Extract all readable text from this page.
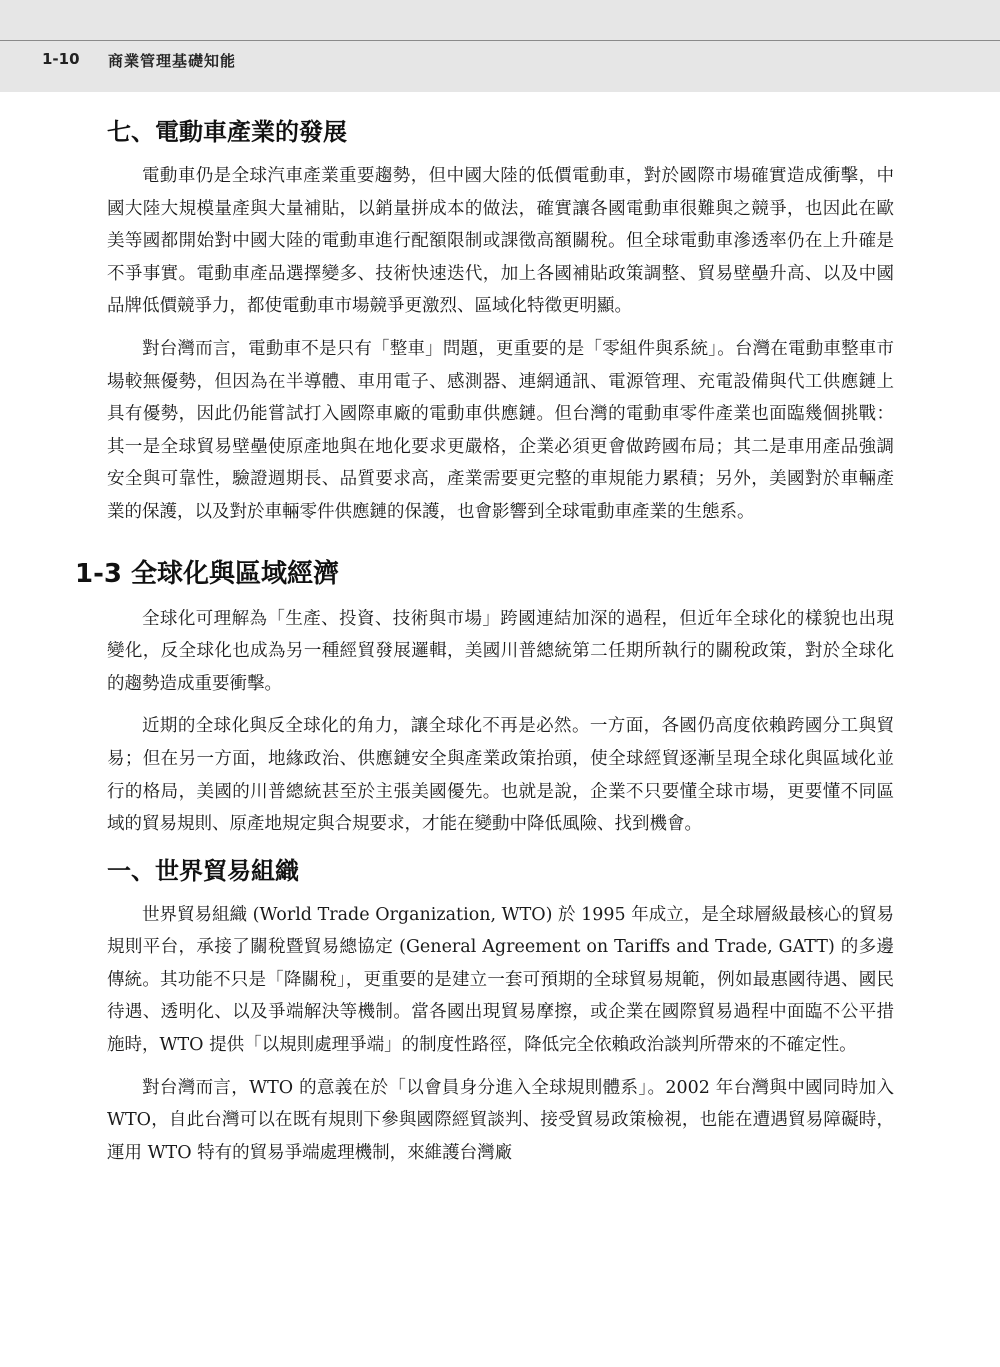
1-10 商業管理基礎知能
七、電動車產業的發展

電動車仍是全球汽車產業重要趨勢，但中國大陸的低價電動車，對於國際市場確實造成衝擊，中國大陸大規模量產與大量補貼，以銷量拼成本的做法，確實讓各國電動車很難與之競爭，也因此在歐美等國都開始對中國大陸的電動車進行配額限制或課徵高額關稅。但全球電動車滲透率仍在上升確是不爭事實。電動車產品選擇變多、技術快速迭代，加上各國補貼政策調整、貿易壁壘升高、以及中國品牌低價競爭力，都使電動車市場競爭更激烈、區域化特徵更明顯。

對台灣而言，電動車不是只有「整車」問題，更重要的是「零組件與系統」。台灣在電動車整車市場較無優勢，但因為在半導體、車用電子、感測器、連網通訊、電源管理、充電設備與代工供應鏈上具有優勢，因此仍能嘗試打入國際車廠的電動車供應鏈。但台灣的電動車零件產業也面臨幾個挑戰：其一是全球貿易壁壘使原產地與在地化要求更嚴格，企業必須更會做跨國布局；其二是車用產品強調安全與可靠性，驗證週期長、品質要求高，產業需要更完整的車規能力累積；另外，美國對於車輛產業的保護，以及對於車輛零件供應鏈的保護，也會影響到全球電動車產業的生態系。

1-3 全球化與區域經濟

全球化可理解為「生產、投資、技術與市場」跨國連結加深的過程，但近年全球化的樣貌也出現變化，反全球化也成為另一種經貿發展邏輯，美國川普總統第二任期所執行的關稅政策，對於全球化的趨勢造成重要衝擊。

近期的全球化與反全球化的角力，讓全球化不再是必然。一方面，各國仍高度依賴跨國分工與貿易；但在另一方面，地緣政治、供應鏈安全與產業政策抬頭，使全球經貿逐漸呈現全球化與區域化並行的格局，美國的川普總統甚至於主張美國優先。也就是說，企業不只要懂全球市場，更要懂不同區域的貿易規則、原產地規定與合規要求，才能在變動中降低風險、找到機會。

一、世界貿易組織

世界貿易組織 (World Trade Organization, WTO) 於 1995 年成立，是全球層級最核心的貿易規則平台，承接了關稅暨貿易總協定 (General Agreement on Tariffs and Trade, GATT) 的多邊傳統。其功能不只是「降關稅」，更重要的是建立一套可預期的全球貿易規範，例如最惠國待遇、國民待遇、透明化、以及爭端解決等機制。當各國出現貿易摩擦，或企業在國際貿易過程中面臨不公平措施時，WTO 提供「以規則處理爭端」的制度性路徑，降低完全依賴政治談判所帶來的不確定性。

對台灣而言，WTO 的意義在於「以會員身分進入全球規則體系」。2002 年台灣與中國同時加入 WTO，自此台灣可以在既有規則下參與國際經貿談判、接受貿易政策檢視，也能在遭遇貿易障礙時，運用 WTO 特有的貿易爭端處理機制，來維護台灣廠
